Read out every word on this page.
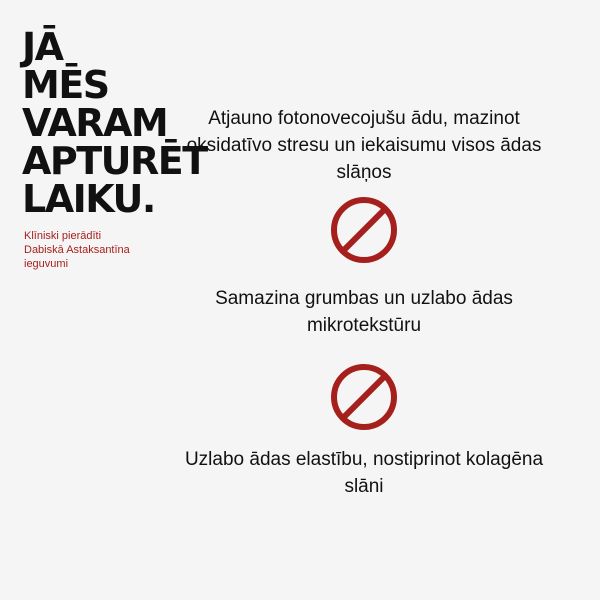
JĀ
MĒS
VARAM
APTURĒT
LAIKU.
Klīniski pierādīti
Dabiskā Astaksantīna
ieguvumi

Atjauno fotonovecojušu ādu, mazinot oksidatīvo stresu un iekaisumu visos ādas slāņos

Samazina grumbas un uzlabo ādas mikrotekstūru

Uzlabo ādas elastību, nostiprinot kolagēna slāni
